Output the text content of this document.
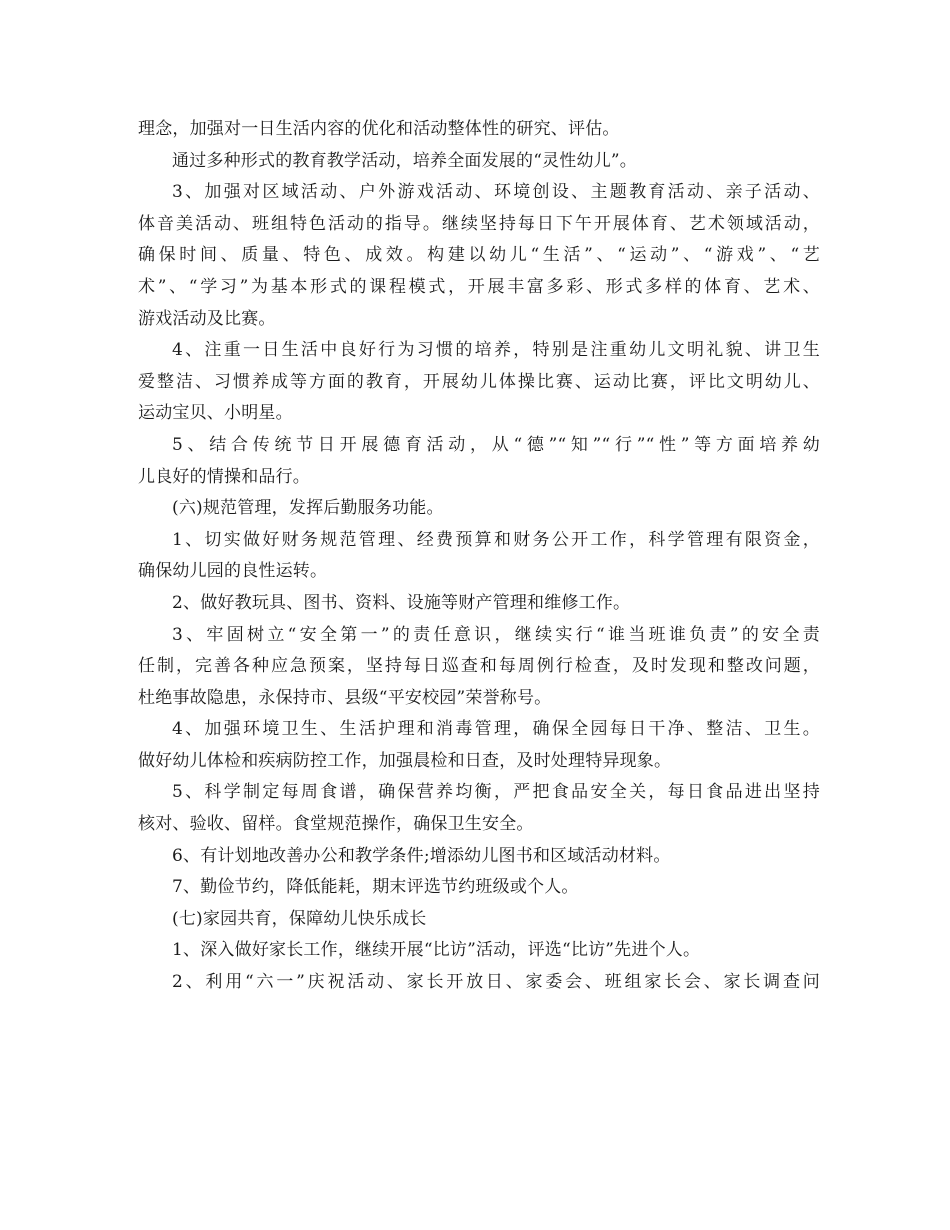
理念，加强对一日生活内容的优化和活动整体性的研究、评估。
通过多种形式的教育教学活动，培养全面发展的“灵性幼儿”。
3、加强对区域活动、户外游戏活动、环境创设、主题教育活动、亲子活动、
体音美活动、班组特色活动的指导。继续坚持每日下午开展体育、艺术领域活动，
确保时间、质量、特色、成效。构建以幼儿“生活”、“运动”、“游戏”、“艺
术”、“学习”为基本形式的课程模式，开展丰富多彩、形式多样的体育、艺术、
游戏活动及比赛。
4、注重一日生活中良好行为习惯的培养，特别是注重幼儿文明礼貌、讲卫生
爱整洁、习惯养成等方面的教育，开展幼儿体操比赛、运动比赛，评比文明幼儿、
运动宝贝、小明星。
5、结合传统节日开展德育活动，从“德”“知”“行”“性”等方面培养幼
儿良好的情操和品行。
(六)规范管理，发挥后勤服务功能。
1、切实做好财务规范管理、经费预算和财务公开工作，科学管理有限资金，
确保幼儿园的良性运转。
2、做好教玩具、图书、资料、设施等财产管理和维修工作。
3、牢固树立“安全第一”的责任意识，继续实行“谁当班谁负责”的安全责
任制，完善各种应急预案，坚持每日巡查和每周例行检查，及时发现和整改问题，
杜绝事故隐患，永保持市、县级“平安校园”荣誉称号。
4、加强环境卫生、生活护理和消毒管理，确保全园每日干净、整洁、卫生。
做好幼儿体检和疾病防控工作，加强晨检和日查，及时处理特异现象。
5、科学制定每周食谱，确保营养均衡，严把食品安全关，每日食品进出坚持
核对、验收、留样。食堂规范操作，确保卫生安全。
6、有计划地改善办公和教学条件;增添幼儿图书和区域活动材料。
7、勤俭节约，降低能耗，期末评选节约班级或个人。
(七)家园共育，保障幼儿快乐成长
1、深入做好家长工作，继续开展“比访”活动，评选“比访”先进个人。
2、利用“六一”庆祝活动、家长开放日、家委会、班组家长会、家长调查问
